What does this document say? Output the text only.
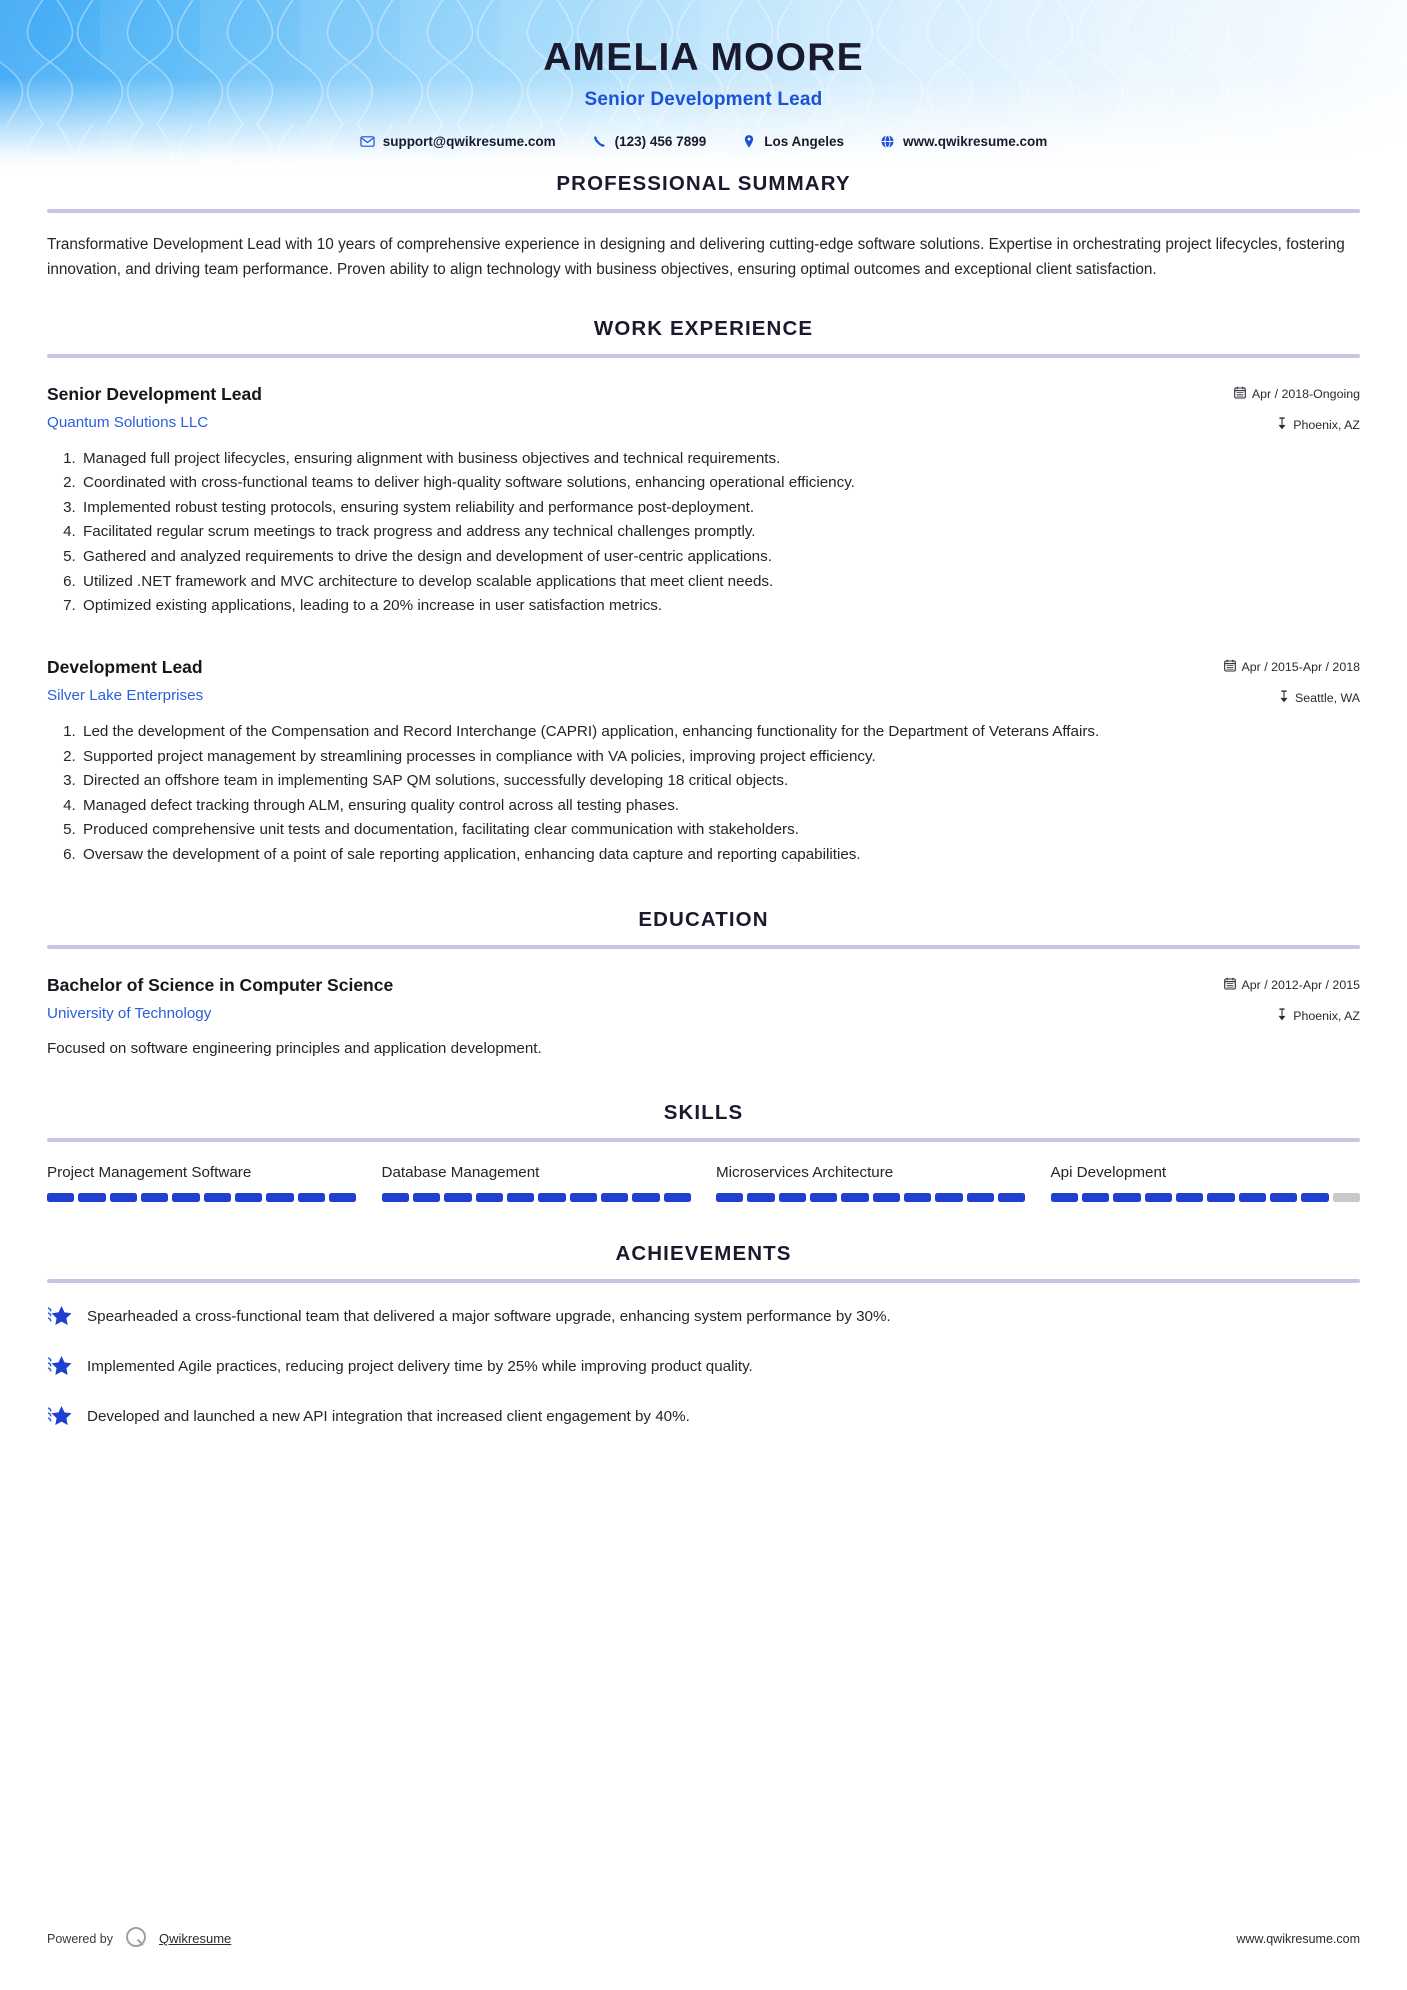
AMELIA MOORE
Senior Development Lead
support@qwikresume.com	(123) 456 7899	Los Angeles	www.qwikresume.com
PROFESSIONAL SUMMARY
Transformative Development Lead with 10 years of comprehensive experience in designing and delivering cutting-edge software solutions. Expertise in orchestrating project lifecycles, fostering innovation, and driving team performance. Proven ability to align technology with business objectives, ensuring optimal outcomes and exceptional client satisfaction.
WORK EXPERIENCE
Senior Development Lead
Quantum Solutions LLC
Apr / 2018-Ongoing
Phoenix, AZ
1. Managed full project lifecycles, ensuring alignment with business objectives and technical requirements.
2. Coordinated with cross-functional teams to deliver high-quality software solutions, enhancing operational efficiency.
3. Implemented robust testing protocols, ensuring system reliability and performance post-deployment.
4. Facilitated regular scrum meetings to track progress and address any technical challenges promptly.
5. Gathered and analyzed requirements to drive the design and development of user-centric applications.
6. Utilized .NET framework and MVC architecture to develop scalable applications that meet client needs.
7. Optimized existing applications, leading to a 20% increase in user satisfaction metrics.
Development Lead
Silver Lake Enterprises
Apr / 2015-Apr / 2018
Seattle, WA
1. Led the development of the Compensation and Record Interchange (CAPRI) application, enhancing functionality for the Department of Veterans Affairs.
2. Supported project management by streamlining processes in compliance with VA policies, improving project efficiency.
3. Directed an offshore team in implementing SAP QM solutions, successfully developing 18 critical objects.
4. Managed defect tracking through ALM, ensuring quality control across all testing phases.
5. Produced comprehensive unit tests and documentation, facilitating clear communication with stakeholders.
6. Oversaw the development of a point of sale reporting application, enhancing data capture and reporting capabilities.
EDUCATION
Bachelor of Science in Computer Science
University of Technology
Apr / 2012-Apr / 2015
Phoenix, AZ
Focused on software engineering principles and application development.
SKILLS
Project Management Software	Database Management	Microservices Architecture	Api Development
ACHIEVEMENTS
Spearheaded a cross-functional team that delivered a major software upgrade, enhancing system performance by 30%.
Implemented Agile practices, reducing project delivery time by 25% while improving product quality.
Developed and launched a new API integration that increased client engagement by 40%.
Powered by	Qwikresume	www.qwikresume.com
